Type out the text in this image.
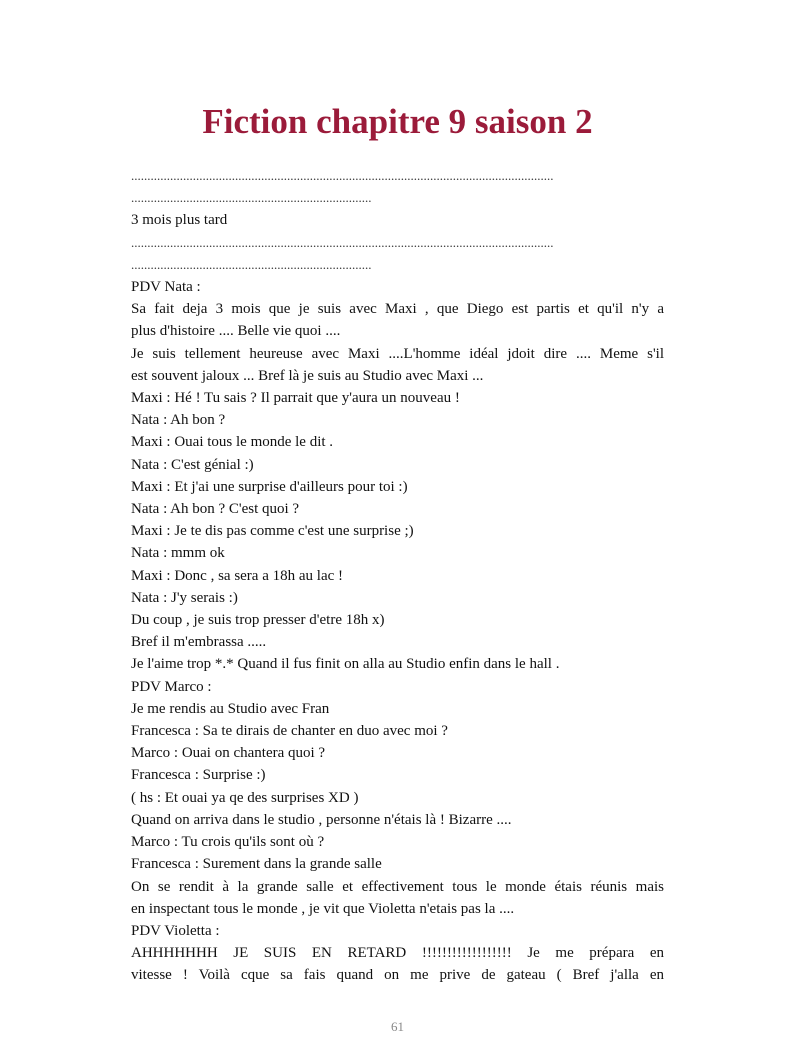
Fiction chapitre 9 saison 2
..................................................................................................................................
..........................................................................
3 mois plus tard
..................................................................................................................................
..........................................................................
PDV Nata :
Sa fait deja 3 mois que je suis avec Maxi , que Diego est partis et qu'il n'y a
plus d'histoire .... Belle vie quoi ....
Je suis tellement heureuse avec Maxi ....L'homme idéal jdoit dire .... Meme s'il
est souvent jaloux ... Bref là je suis au Studio avec Maxi ...
Maxi : Hé ! Tu sais ? Il parrait que y'aura un nouveau !
Nata : Ah bon ?
Maxi : Ouai tous le monde le dit .
Nata : C'est génial :)
Maxi : Et j'ai une surprise d'ailleurs pour toi :)
Nata : Ah bon ? C'est quoi ?
Maxi : Je te dis pas comme c'est une surprise ;)
Nata : mmm ok
Maxi : Donc , sa sera a 18h au lac !
Nata : J'y serais :)
Du coup , je suis trop presser d'etre 18h x)
Bref il m'embrassa .....
Je l'aime trop *.* Quand il fus finit on alla au Studio enfin dans le hall .
PDV Marco :
Je me rendis au Studio avec Fran
Francesca : Sa te dirais de chanter en duo avec moi ?
Marco : Ouai on chantera quoi ?
Francesca : Surprise :)
( hs : Et ouai ya qe des surprises XD )
Quand on arriva dans le studio , personne n'étais là ! Bizarre ....
Marco : Tu crois qu'ils sont où ?
Francesca : Surement dans la grande salle
On se rendit à la grande salle et effectivement tous le monde étais réunis mais
en inspectant tous le monde , je vit que Violetta n'etais pas la ....
PDV Violetta :
AHHHHHHH JE SUIS EN RETARD !!!!!!!!!!!!!!!!!! Je me prépara en
vitesse ! Voilà cque sa fais quand on me prive de gateau ( Bref j'alla en
61
